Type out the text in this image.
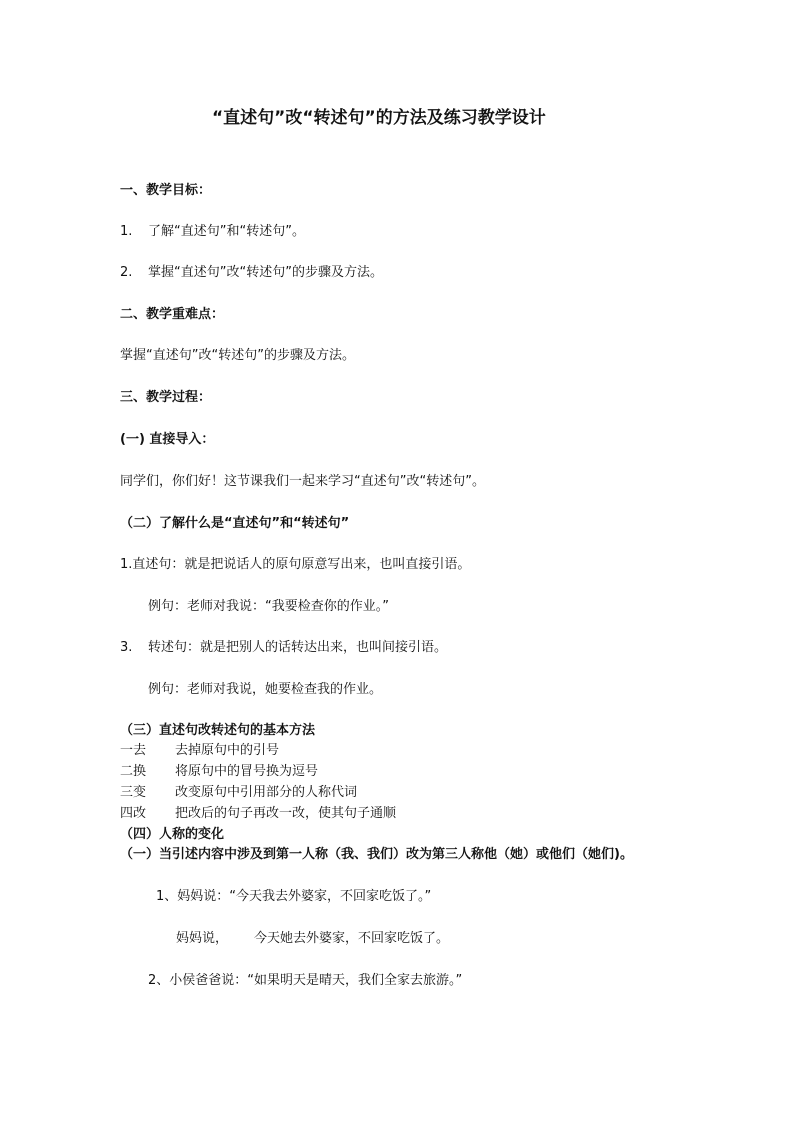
“直述句”改“转述句”的方法及练习教学设计
一、教学目标：
1. 了解“直述句”和“转述句”。
2. 掌握“直述句”改“转述句”的步骤及方法。
二、教学重难点：
掌握“直述句”改“转述句”的步骤及方法。
三、教学过程：
(一) 直接导入：
同学们，你们好！这节课我们一起来学习“直述句”改“转述句”。
（二）了解什么是“直述句”和“转述句”
1.直述句：就是把说话人的原句原意写出来，也叫直接引语。
例句：老师对我说：“我要检查你的作业。”
3. 转述句：就是把别人的话转达出来，也叫间接引语。
例句：老师对我说，她要检查我的作业。
（三）直述句改转述句的基本方法
一去 去掉原句中的引号
二换 将原句中的冒号换为逗号
三变 改变原句中引用部分的人称代词
四改 把改后的句子再改一改，使其句子通顺
（四）人称的变化
（一）当引述内容中涉及到第一人称（我、我们）改为第三人称他（她）或他们（她们)。
1、妈妈说：“今天我去外婆家，不回家吃饭了。”
妈妈说， 今天她去外婆家，不回家吃饭了。
2、小侯爸爸说：“如果明天是晴天，我们全家去旅游。”
